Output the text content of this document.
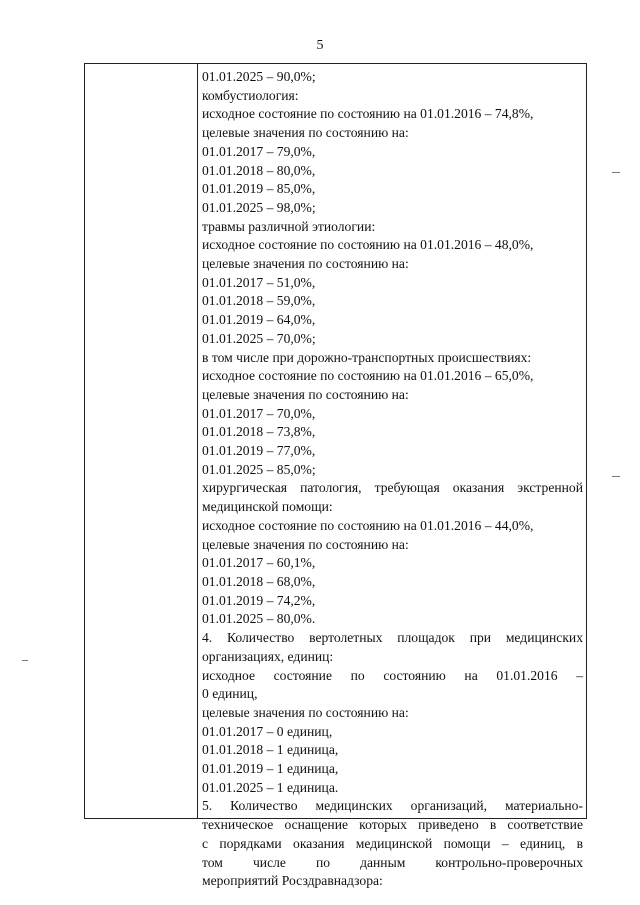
5
01.01.2025 – 90,0%;
комбустиология:
исходное состояние по состоянию на 01.01.2016 – 74,8%,
целевые значения по состоянию на:
01.01.2017 – 79,0%,
01.01.2018 – 80,0%,
01.01.2019 – 85,0%,
01.01.2025 – 98,0%;
травмы различной этиологии:
исходное состояние по состоянию на 01.01.2016 – 48,0%,
целевые значения по состоянию на:
01.01.2017 – 51,0%,
01.01.2018 – 59,0%,
01.01.2019 – 64,0%,
01.01.2025 – 70,0%;
в том числе при дорожно-транспортных происшествиях:
исходное состояние по состоянию на 01.01.2016 – 65,0%,
целевые значения по состоянию на:
01.01.2017 – 70,0%,
01.01.2018 – 73,8%,
01.01.2019 – 77,0%,
01.01.2025 – 85,0%;
хирургическая патология, требующая оказания экстренной
медицинской помощи:
исходное состояние по состоянию на 01.01.2016 – 44,0%,
целевые значения по состоянию на:
01.01.2017 – 60,1%,
01.01.2018 – 68,0%,
01.01.2019 – 74,2%,
01.01.2025 – 80,0%.
4. Количество вертолетных площадок при медицинских
организациях, единиц:
исходное состояние по состоянию на 01.01.2016 –
0 единиц,
целевые значения по состоянию на:
01.01.2017 – 0 единиц,
01.01.2018 – 1 единица,
01.01.2019 – 1 единица,
01.01.2025 – 1 единица.
5. Количество медицинских организаций, материально-
техническое оснащение которых приведено в соответствие
с порядками оказания медицинской помощи – единиц, в
том числе по данным контрольно-проверочных
мероприятий Росздравнадзора:
